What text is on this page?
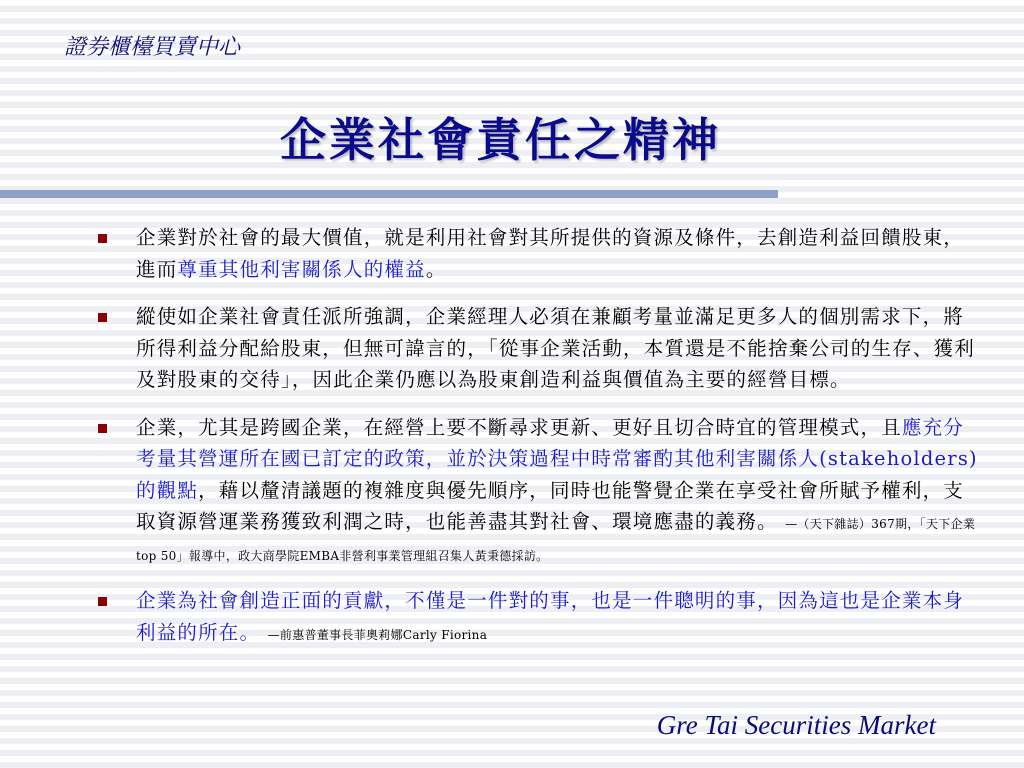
證券櫃檯買賣中心
企業社會責任之精神
企業對於社會的最大價值，就是利用社會對其所提供的資源及條件，去創造利益回饋股東，進而尊重其他利害關係人的權益。
縱使如企業社會責任派所強調，企業經理人必須在兼顧考量並滿足更多人的個別需求下，將所得利益分配給股東，但無可諱言的，「從事企業活動，本質還是不能捨棄公司的生存、獲利及對股東的交待」，因此企業仍應以為股東創造利益與價值為主要的經營目標。
企業，尤其是跨國企業，在經營上要不斷尋求更新、更好且切合時宜的管理模式，且應充分考量其營運所在國已訂定的政策，並於決策過程中時常審酌其他利害關係人(stakeholders)的觀點，藉以釐清議題的複雜度與優先順序，同時也能警覺企業在享受社會所賦予權利，支取資源營運業務獲致利潤之時，也能善盡其對社會、環境應盡的義務。 —（天下雜誌）367期，「天下企業top 50」報導中，政大商學院EMBA非營利事業管理組召集人黃秉德採訪。
企業為社會創造正面的貢獻，不僅是一件對的事，也是一件聰明的事，因為這也是企業本身利益的所在。 —前惠普董事長菲奧莉娜Carly Fiorina
Gre Tai Securities Market
